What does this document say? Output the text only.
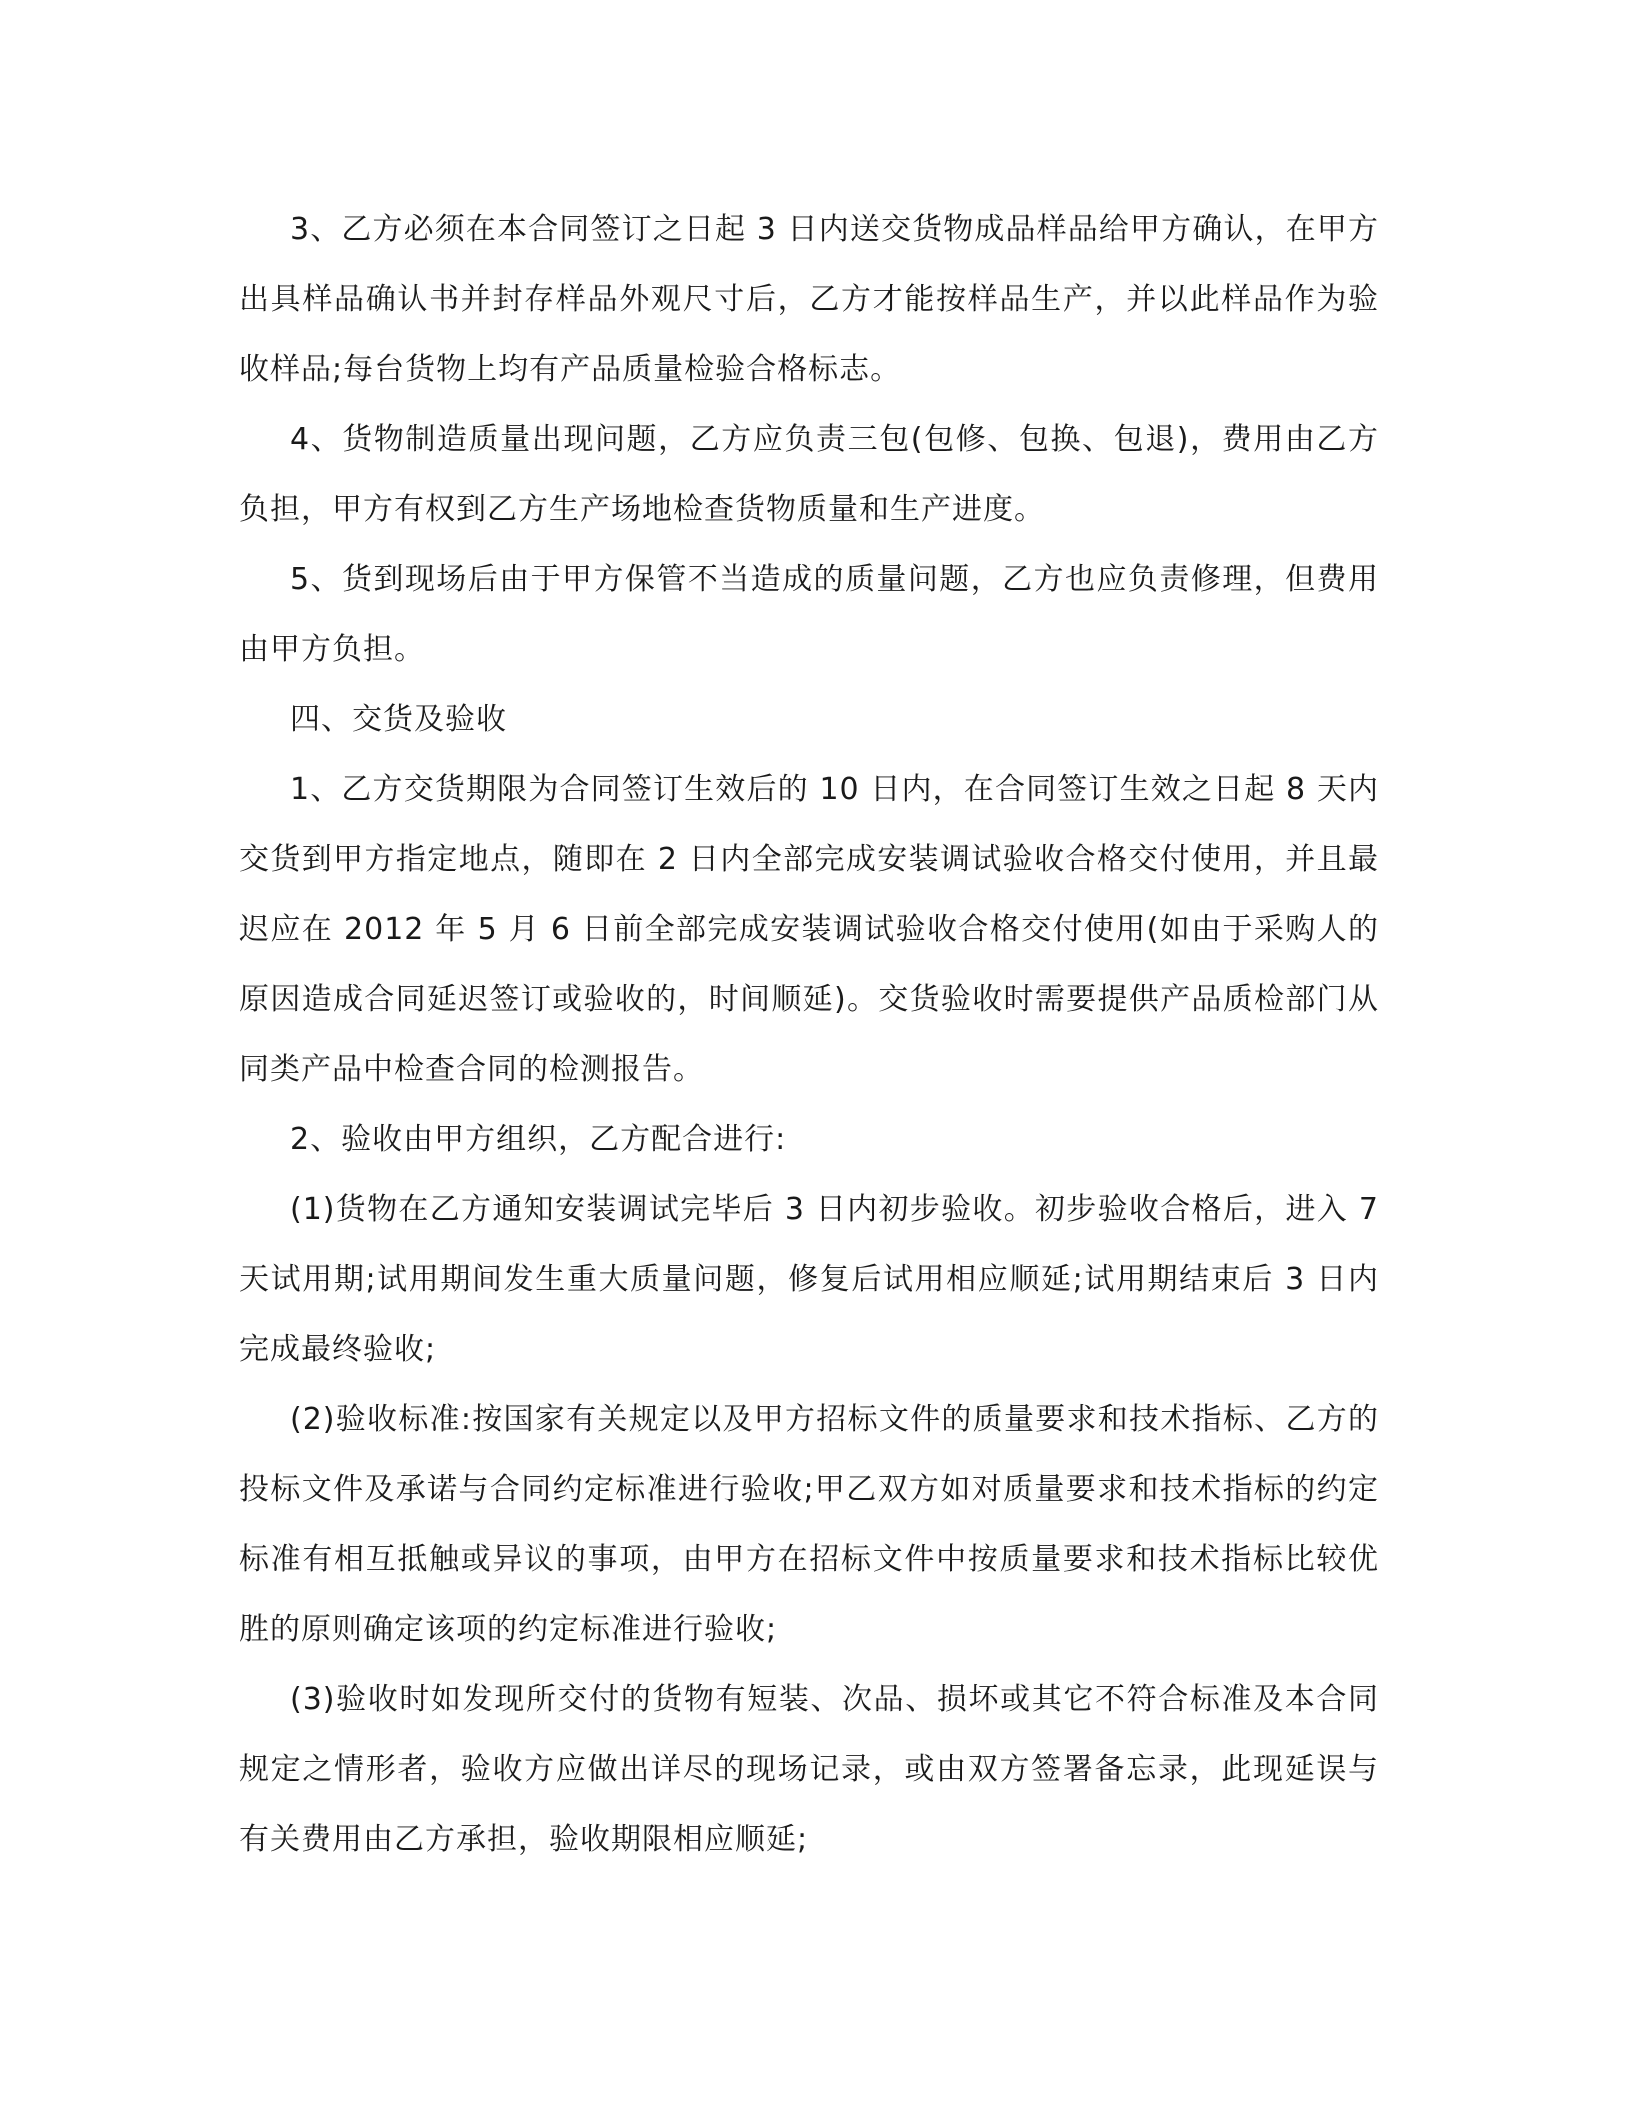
3、乙方必须在本合同签订之日起 3 日内送交货物成品样品给甲方确认，在甲方出具样品确认书并封存样品外观尺寸后，乙方才能按样品生产，并以此样品作为验收样品;每台货物上均有产品质量检验合格标志。

4、货物制造质量出现问题，乙方应负责三包(包修、包换、包退)，费用由乙方负担，甲方有权到乙方生产场地检查货物质量和生产进度。

5、货到现场后由于甲方保管不当造成的质量问题，乙方也应负责修理，但费用由甲方负担。

四、交货及验收

1、乙方交货期限为合同签订生效后的 10 日内，在合同签订生效之日起 8 天内交货到甲方指定地点，随即在 2 日内全部完成安装调试验收合格交付使用，并且最迟应在 2012 年 5 月 6 日前全部完成安装调试验收合格交付使用(如由于采购人的原因造成合同延迟签订或验收的，时间顺延)。交货验收时需要提供产品质检部门从同类产品中检查合同的检测报告。

2、验收由甲方组织，乙方配合进行:

(1)货物在乙方通知安装调试完毕后 3 日内初步验收。初步验收合格后，进入 7 天试用期;试用期间发生重大质量问题，修复后试用相应顺延;试用期结束后 3 日内完成最终验收;

(2)验收标准:按国家有关规定以及甲方招标文件的质量要求和技术指标、乙方的投标文件及承诺与合同约定标准进行验收;甲乙双方如对质量要求和技术指标的约定标准有相互抵触或异议的事项，由甲方在招标文件中按质量要求和技术指标比较优胜的原则确定该项的约定标准进行验收;

(3)验收时如发现所交付的货物有短装、次品、损坏或其它不符合标准及本合同规定之情形者，验收方应做出详尽的现场记录，或由双方签署备忘录，此现延误与有关费用由乙方承担，验收期限相应顺延;
